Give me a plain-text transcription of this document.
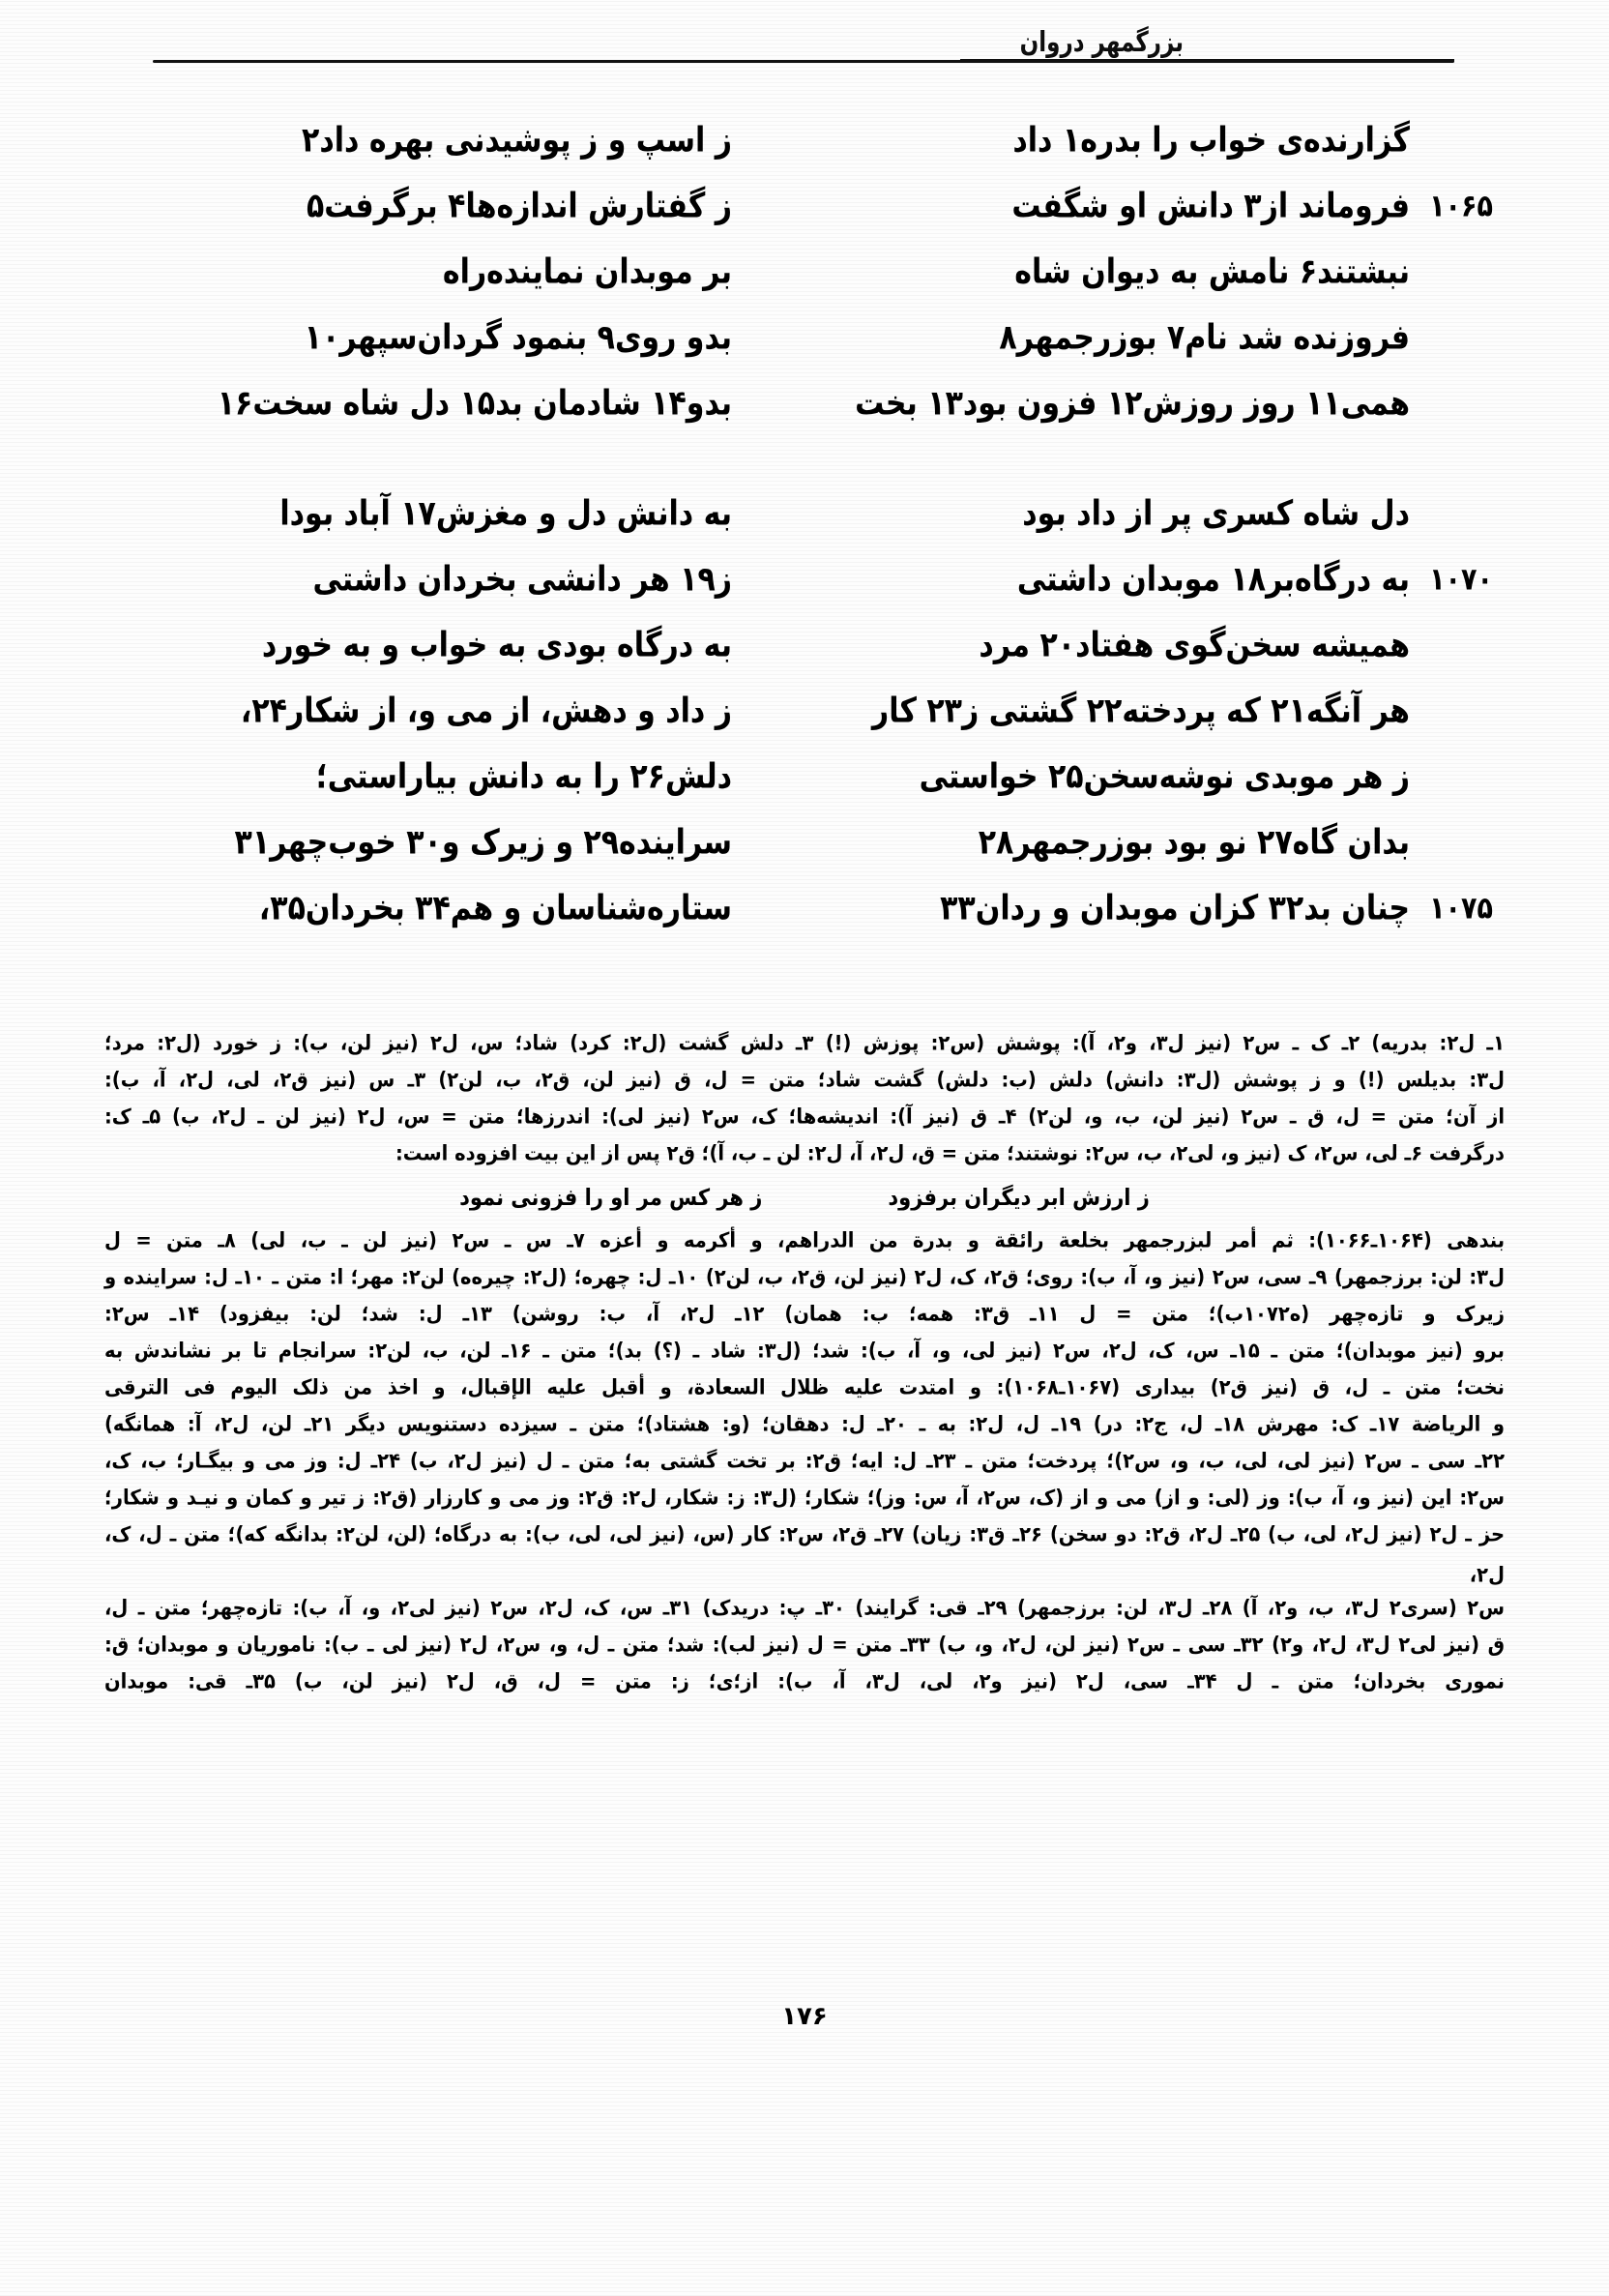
بزرگمهر دروان
گزارنده‌ی خواب را بدره‌۱ داد
ز اسپ و ز پوشیدنی بهره داد۲
۱۰۶۵
فروماند از۳ دانش او شگفت
ز گفتارش اندازه‌ها۴ برگرفت۵
نبشتند۶ نامش به دیوان شاه
بر موبدان نماینده‌راه
فروزنده شد نام۷ بوزرجمهر۸
بدو روی۹ بنمود گردان‌سپهر۱۰
همی۱۱ روز روزش۱۲ فزون بود۱۳ بخت
بدو۱۴ شادمان بد۱۵ دل شاه سخت۱۶
دل شاه کسری پر از داد بود
به دانش دل و مغزش۱۷ آباد بودا
۱۰۷۰
به درگاه‌بر۱۸ موبدان داشتی
ز۱۹ هر دانشی بخردان داشتی
همیشه سخن‌گوی هفتاد۲۰ مرد
به درگاه بودی به خواب و به خورد
هر آنگه۲۱ که پردخته۲۲ گشتی ز۲۳ کار
ز داد و دهش، از می و، از شکار۲۴،
ز هر موبدی نوشه‌سخن۲۵ خواستی
دلش۲۶ را به دانش بیاراستی؛
بدان گاه۲۷ نو بود بوزرجمهر۲۸
سراینده۲۹ و زیرک و۳۰ خوب‌چهر۳۱
۱۰۷۵
چنان بد۳۲ کزان موبدان و ردان۳۳
ستاره‌شناسان و هم۳۴ بخردان۳۵،
۱ـ ل۲: بدریه) ۲ـ ک ـ س۲ (نیز ل۳، و۲، آ): پوشش (س۲: پوزش (!) ۳ـ دلش گشت (ل۲: کرد) شاد؛ س، ل۲ (نیز لن، ب): ز خورد (ل۲: مرد؛
ل۳: بدیلس (!) و ز پوشش (ل۳: دانش) دلش (ب: دلش) گشت شاد؛ متن = ل، ق (نیز لن، ق۲، ب، لن۲) ۳ـ س (نیز ق۲، لی، ل۲، آ، ب):
از آن؛ متن = ل، ق ـ س۲ (نیز لن، ب، و، لن۲) ۴ـ ق (نیز آ): اندیشه‌ها؛ ک، س۲ (نیز لی): اندرزها؛ متن = س، ل۲ (نیز لن ـ ل۲، ب) ۵ـ ک:
درگرفت ۶ـ لی، س۲، ک (نیز و، لی۲، ب، س۲: نوشتند؛ متن = ق، ل۲، آ، ل۲: لن ـ ب، آ)؛ ق۲ پس از این بیت افزوده است:
ز ارزش ابر دیگران برفزود
ز هر کس مر او را فزونی نمود
بندهی (۱۰۶۴ـ۱۰۶۶): ثم أمر لبزرجمهر بخلعة رائقة و بدرة من الدراهم، و أکرمه و أعزه ۷ـ س ـ س۲ (نیز لن ـ ب، لی) ۸ـ متن = ل
ل۳: لن: برزجمهر) ۹ـ سی، س۲ (نیز و، آ، ب): روی؛ ق۲، ک، ل۲ (نیز لن، ق۲، ب، لن۲) ۱۰ـ ل: چهره؛ (ل۲: چیره‌ه) لن۲: مهر؛ ا: متن ـ ۱۰ـ ل: سراینده و
زیرک و تازه‌چهر (ه۱۰۷۲ب)؛ متن = ل ۱۱ـ ق۳: همه؛ ب: همان) ۱۲ـ ل۲، آ، ب: روشن) ۱۳ـ ل: شد؛ لن: بیفزود) ۱۴ـ س۲:
برو (نیز موبدان)؛ متن ـ ۱۵ـ س، ک، ل۲، س۲ (نیز لی، و، آ، ب): شد؛ (ل۳: شاد ـ (؟) بد)؛ متن ـ ۱۶ـ لن، ب، لن۲: سرانجام تا بر نشاندش به
نخت؛ متن ـ ل، ق (نیز ق۲) بیداری (۱۰۶۷ـ۱۰۶۸): و امتدت علیه ظلال السعادة، و أقبل علیه الإقبال، و اخذ من ذلک الیوم فی الترقی
و الریاضة ۱۷ـ ک: مهرش ۱۸ـ ل، ج۲: در) ۱۹ـ ل، ل۲: به ـ ۲۰ـ ل: دهقان؛ (و: هشتاد)؛ متن ـ سیزده دستنویس دیگر ۲۱ـ لن، ل۲، آ: همانگه)
۲۲ـ سی ـ س۲ (نیز لی، لی، ب، و، س۲)؛ پردخت؛ متن ـ ۲۳ـ ل: ایه؛ ق۲: بر تخت گشتی به؛ متن ـ ل (نیز ل۲، ب) ۲۴ـ ل: وز می و بیگـار؛ ب، ک،
س۲: این (نیز و، آ، ب): وز (لی: و از) می و از (ک، س۲، آ، س: وز)؛ شکار؛ (ل۳: ز: شکار، ل۲: ق۲: وز می و کارزار (ق۲: ز تیر و کمان و نیـد و شکار؛
حز ـ ل۲ (نیز ل۲، لی، ب) ۲۵ـ ل۲، ق۲: دو سخن) ۲۶ـ ق۳: زیان) ۲۷ـ ق۲، س۲: کار (س، (نیز لی، لی، ب): به درگاه؛ (لن، لن۲: بدانگه که)؛ متن ـ ل، ک، ل۲،
س۲ (سری۲ ل۳، ب، و۲، آ) ۲۸ـ ل۳، لن: برزجمهر) ۲۹ـ قی: گرایند) ۳۰ـ پ: دریدک) ۳۱ـ س، ک، ل۲، س۲ (نیز لی۲، و، آ، ب): تازه‌چهر؛ متن ـ ل،
ق (نیز لی۲ ل۳، ل۲، و۲) ۳۲ـ سی ـ س۲ (نیز لن، ل۲، و، ب) ۳۳ـ متن = ل (نیز لب): شد؛ متن ـ ل، و، س۲، ل۲ (نیز لی ـ ب): ناموریان و موبدان؛ ق:
نموری بخردان؛ متن ـ ل ۳۴ـ سی، ل۲ (نیز و۲، لی، ل۳، آ، ب): از؛ی؛ ز: متن = ل، ق، ل۲ (نیز لن، ب) ۳۵ـ قی: موبدان
۱۷۶
